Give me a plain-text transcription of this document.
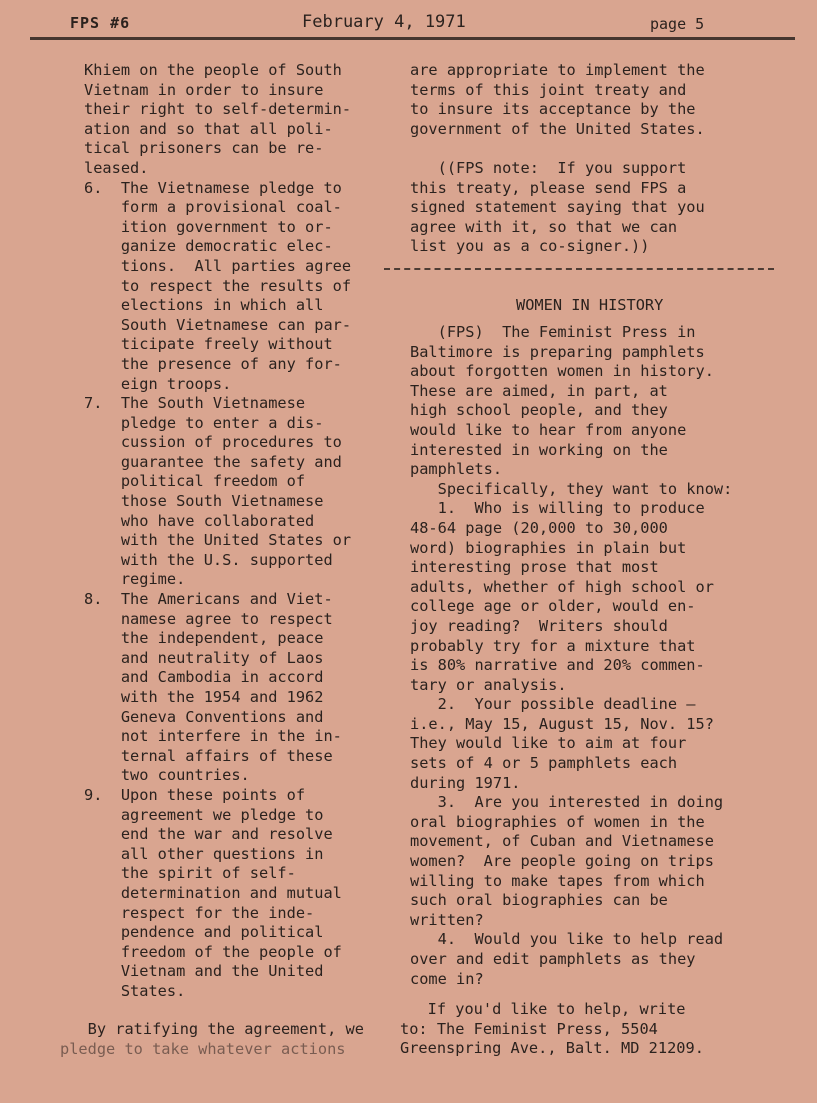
FPS #6	February 4, 1971	page 5
Khiem on the people of South
Vietnam in order to insure
their right to self-determin-
ation and so that all poli-
tical prisoners can be re-
leased.
6.  The Vietnamese pledge to
form a provisional coal-
ition government to or-
ganize democratic elec-
tions.  All parties agree
to respect the results of
elections in which all
South Vietnamese can par-
ticipate freely without
the presence of any for-
eign troops.
7.  The South Vietnamese
pledge to enter a dis-
cussion of procedures to
guarantee the safety and
political freedom of
those South Vietnamese
who have collaborated
with the United States or
with the U.S. supported
regime.
8.  The Americans and Viet-
namese agree to respect
the independent, peace
and neutrality of Laos
and Cambodia in accord
with the 1954 and 1962
Geneva Conventions and
not interfere in the in-
ternal affairs of these
two countries.
9.  Upon these points of
agreement we pledge to
end the war and resolve
all other questions in
the spirit of self-
determination and mutual
respect for the inde-
pendence and political
freedom of the people of
Vietnam and the United
States.
are appropriate to implement the
terms of this joint treaty and
to insure its acceptance by the
government of the United States.

((FPS note:  If you support
this treaty, please send FPS a
signed statement saying that you
agree with it, so that we can
list you as a co-signer.))
WOMEN IN HISTORY
(FPS)  The Feminist Press in
Baltimore is preparing pamphlets
about forgotten women in history.
These are aimed, in part, at
high school people, and they
would like to hear from anyone
interested in working on the
pamphlets.
Specifically, they want to know:
1.  Who is willing to produce
48-64 page (20,000 to 30,000
word) biographies in plain but
interesting prose that most
adults, whether of high school or
college age or older, would en-
joy reading?  Writers should
probably try for a mixture that
is 80% narrative and 20% commen-
tary or analysis.
2.  Your possible deadline —
i.e., May 15, August 15, Nov. 15?
They would like to aim at four
sets of 4 or 5 pamphlets each
during 1971.
3.  Are you interested in doing
oral biographies of women in the
movement, of Cuban and Vietnamese
women?  Are people going on trips
willing to make tapes from which
such oral biographies can be
written?
4.  Would you like to help read
over and edit pamphlets as they
come in?
If you'd like to help, write
to: The Feminist Press, 5504
Greenspring Ave., Balt. MD 21209.
By ratifying the agreement, we
pledge to take whatever actions
